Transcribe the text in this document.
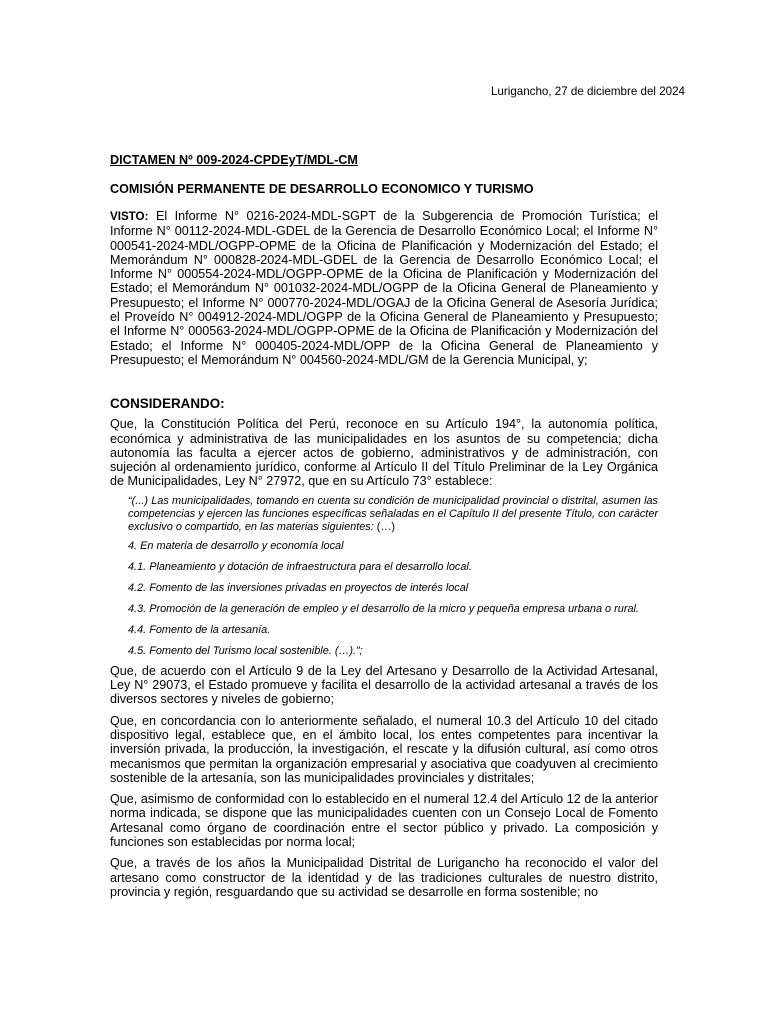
Lurigancho, 27 de diciembre del 2024

DICTAMEN Nº 009-2024-CPDEyT/MDL-CM

COMISIÓN PERMANENTE DE DESARROLLO ECONOMICO Y TURISMO

VISTO: El Informe N° 0216-2024-MDL-SGPT de la Subgerencia de Promoción Turística; el Informe N° 00112-2024-MDL-GDEL de la Gerencia de Desarrollo Económico Local; el Informe N° 000541-2024-MDL/OGPP-OPME de la Oficina de Planificación y Modernización del Estado; el Memorándum N° 000828-2024-MDL-GDEL de la Gerencia de Desarrollo Económico Local; el Informe N° 000554-2024-MDL/OGPP-OPME de la Oficina de Planificación y Modernización del Estado; el Memorándum N° 001032-2024-MDL/OGPP de la Oficina General de Planeamiento y Presupuesto; el Informe N° 000770-2024-MDL/OGAJ de la Oficina General de Asesoría Jurídica; el Proveído N° 004912-2024-MDL/OGPP de la Oficina General de Planeamiento y Presupuesto; el Informe N° 000563-2024-MDL/OGPP-OPME de la Oficina de Planificación y Modernización del Estado; el Informe N° 000405-2024-MDL/OPP de la Oficina General de Planeamiento y Presupuesto; el Memorándum N° 004560-2024-MDL/GM de la Gerencia Municipal, y;

CONSIDERANDO:

Que, la Constitución Política del Perú, reconoce en su Artículo 194°, la autonomía política, económica y administrativa de las municipalidades en los asuntos de su competencia; dicha autonomía las faculta a ejercer actos de gobierno, administrativos y de administración, con sujeción al ordenamiento jurídico, conforme al Artículo II del Título Preliminar de la Ley Orgánica de Municipalidades, Ley N° 27972, que en su Artículo 73° establece:

“(...) Las municipalidades, tomando en cuenta su condición de municipalidad provincial o distrital, asumen las competencias y ejercen las funciones específicas señaladas en el Capítulo II del presente Título, con carácter exclusivo o compartido, en las materias siguientes: (…)

4. En materia de desarrollo y economía local

4.1. Planeamiento y dotación de infraestructura para el desarrollo local.

4.2. Fomento de las inversiones privadas en proyectos de interés local

4.3. Promoción de la generación de empleo y el desarrollo de la micro y pequeña empresa urbana o rural.

4.4. Fomento de la artesanía.

4.5. Fomento del Turismo local sostenible. (…).”;

Que, de acuerdo con el Artículo 9 de la Ley del Artesano y Desarrollo de la Actividad Artesanal, Ley N° 29073, el Estado promueve y facilita el desarrollo de la actividad artesanal a través de los diversos sectores y niveles de gobierno;

Que, en concordancia con lo anteriormente señalado, el numeral 10.3 del Artículo 10 del citado dispositivo legal, establece que, en el ámbito local, los entes competentes para incentivar la inversión privada, la producción, la investigación, el rescate y la difusión cultural, así como otros mecanismos que permitan la organización empresarial y asociativa que coadyuven al crecimiento sostenible de la artesanía, son las municipalidades provinciales y distritales;

Que, asimismo de conformidad con lo establecido en el numeral 12.4 del Artículo 12 de la anterior norma indicada, se dispone que las municipalidades cuenten con un Consejo Local de Fomento Artesanal como órgano de coordinación entre el sector público y privado. La composición y funciones son establecidas por norma local;

Que, a través de los años la Municipalidad Distrital de Lurigancho ha reconocido el valor del artesano como constructor de la identidad y de las tradiciones culturales de nuestro distrito, provincia y región, resguardando que su actividad se desarrolle en forma sostenible; no
